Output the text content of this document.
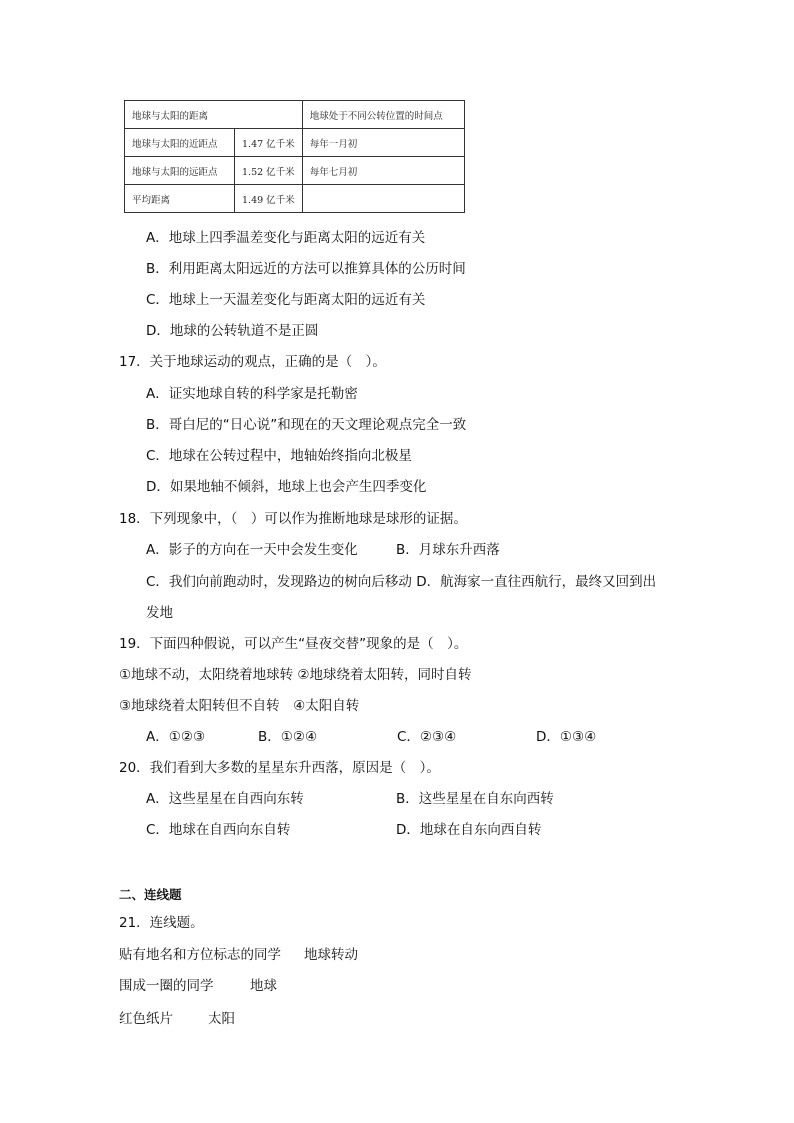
地球与太阳的距离		地球处于不同公转位置的时间点
地球与太阳的近距点	1.47 亿千米	每年一月初
地球与太阳的远距点	1.52 亿千米	每年七月初
平均距离	1.49 亿千米	
A．地球上四季温差变化与距离太阳的远近有关
B．利用距离太阳远近的方法可以推算具体的公历时间
C．地球上一天温差变化与距离太阳的远近有关
D．地球的公转轨道不是正圆
17．关于地球运动的观点，正确的是（　）。
A．证实地球自转的科学家是托勒密
B．哥白尼的“日心说”和现在的天文理论观点完全一致
C．地球在公转过程中，地轴始终指向北极星
D．如果地轴不倾斜，地球上也会产生四季变化
18．下列现象中，（　）可以作为推断地球是球形的证据。
A．影子的方向在一天中会发生变化	B．月球东升西落
C．我们向前跑动时，发现路边的树向后移动 D．航海家一直往西航行，最终又回到出
发地
19．下面四种假说，可以产生“昼夜交替”现象的是（　）。
①地球不动，太阳绕着地球转 ②地球绕着太阳转，同时自转
③地球绕着太阳转但不自转　④太阳自转
A．①②③	B．①②④	C．②③④	D．①③④
20．我们看到大多数的星星东升西落，原因是（　）。
A．这些星星在自西向东转	B．这些星星在自东向西转
C．地球在自西向东自转	D．地球在自东向西自转
二、连线题
21．连线题。
贴有地名和方位标志的同学 地球转动
围成一圈的同学	地球
红色纸片	太阳
